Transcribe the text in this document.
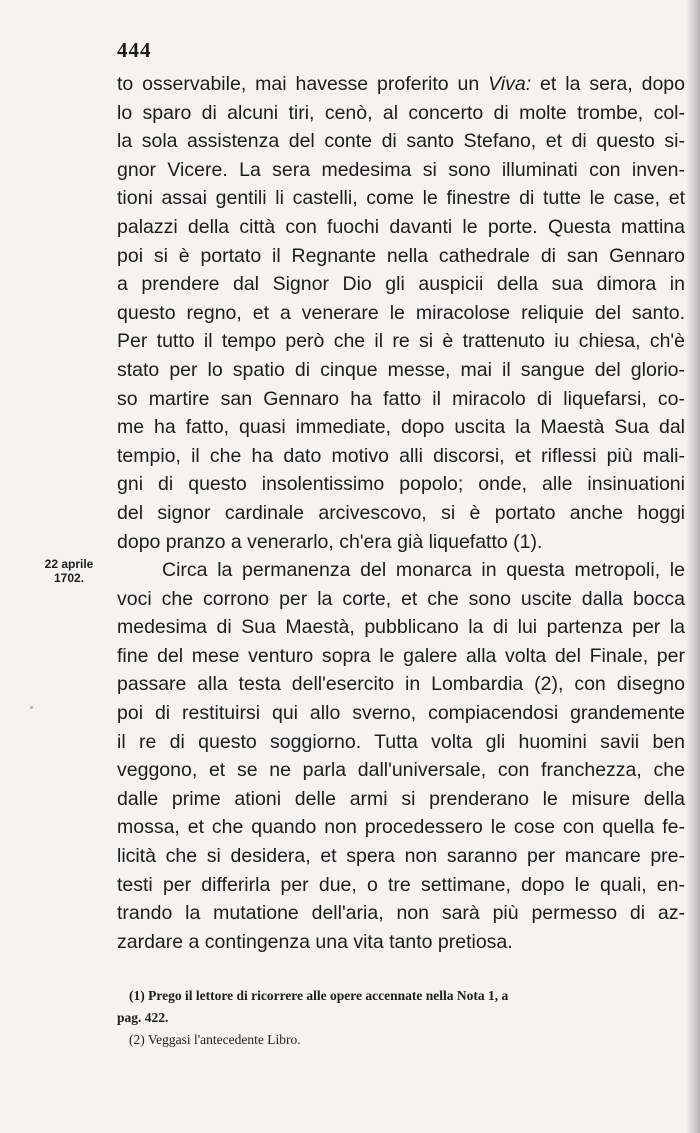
444
22 aprile
1702.
to osservabile, mai havesse proferito un Viva: et la sera, dopo
lo sparo di alcuni tiri, cenò, al concerto di molte trombe, col-
la sola assistenza del conte di santo Stefano, et di questo si-
gnor Vicere. La sera medesima si sono illuminati con inven-
tioni assai gentili li castelli, come le finestre di tutte le case, et
palazzi della città con fuochi davanti le porte. Questa mattina
poi si è portato il Regnante nella cathedrale di san Gennaro
a prendere dal Signor Dio gli auspicii della sua dimora in
questo regno, et a venerare le miracolose reliquie del santo.
Per tutto il tempo però che il re si è trattenuto iu chiesa, ch'è
stato per lo spatio di cinque messe, mai il sangue del glorio-
so martire san Gennaro ha fatto il miracolo di liquefarsi, co-
me ha fatto, quasi immediate, dopo uscita la Maestà Sua dal
tempio, il che ha dato motivo alli discorsi, et riflessi più mali-
gni di questo insolentissimo popolo; onde, alle insinuationi
del signor cardinale arcivescovo, si è portato anche hoggi
dopo pranzo a venerarlo, ch'era già liquefatto (1).
Circa la permanenza del monarca in questa metropoli, le
voci che corrono per la corte, et che sono uscite dalla bocca
medesima di Sua Maestà, pubblicano la di lui partenza per la
fine del mese venturo sopra le galere alla volta del Finale, per
passare alla testa dell'esercito in Lombardia (2), con disegno
poi di restituirsi qui allo sverno, compiacendosi grandemente
il re di questo soggiorno. Tutta volta gli huomini savii ben
veggono, et se ne parla dall'universale, con franchezza, che
dalle prime ationi delle armi si prenderano le misure della
mossa, et che quando non procedessero le cose con quella fe-
licità che si desidera, et spera non saranno per mancare pre-
testi per differirla per due, o tre settimane, dopo le quali, en-
trando la mutatione dell'aria, non sarà più permesso di az-
zardare a contingenza una vita tanto pretiosa.
(1) Prego il lettore di ricorrere alle opere accennate nella Nota 1, a
pag. 422.
(2) Veggasi l'antecedente Libro.
